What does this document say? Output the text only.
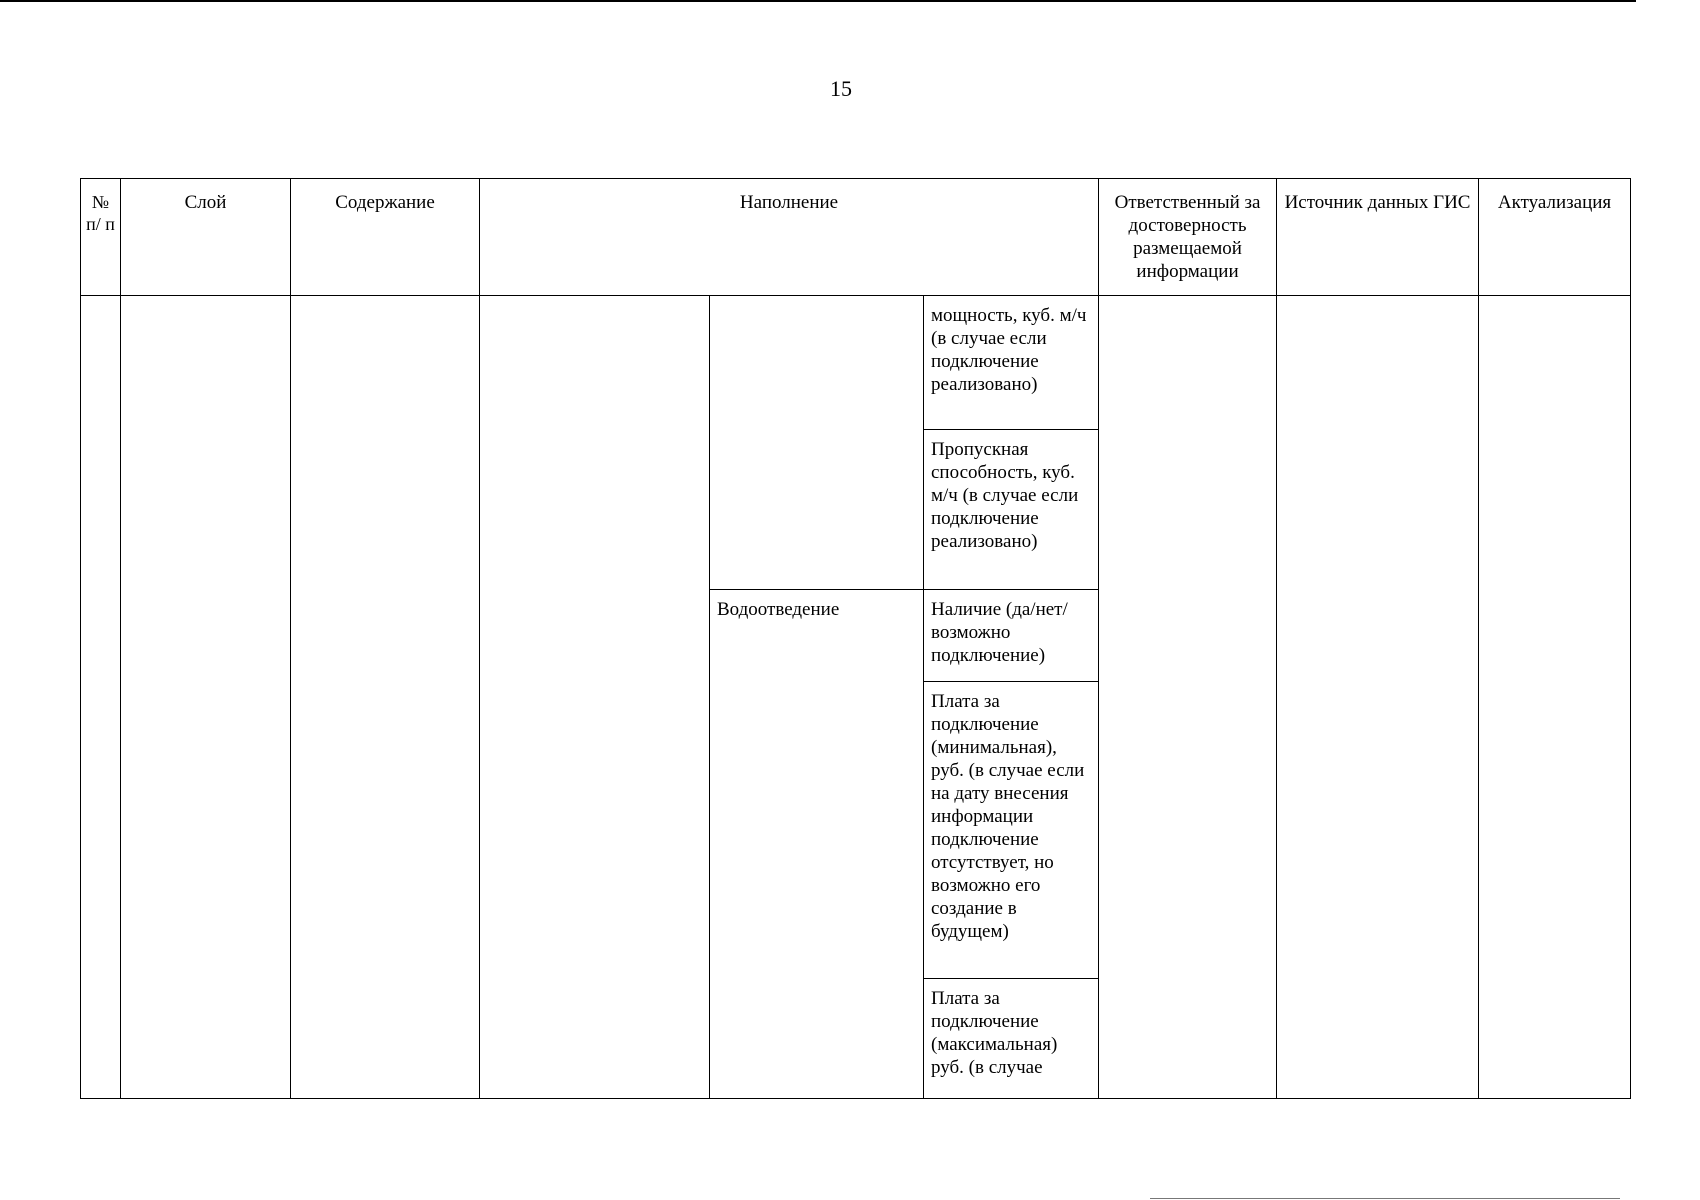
15
№ п/ п	Слой	Содержание	Наполнение			Ответственный за достоверность размещаемой информации	Источник данных ГИС	Актуализация

					мощность, куб. м/ч (в случае если подключение реализовано)			

					Пропускная способность, куб. м/ч (в случае если подключение реализовано)			

				Водоотведение	Наличие (да/нет/возможно подключение)			

					Плата за подключение (минимальная), руб. (в случае если на дату внесения информации подключение отсутствует, но возможно его создание в будущем)			

					Плата за подключение (максимальная) руб. (в случае			
